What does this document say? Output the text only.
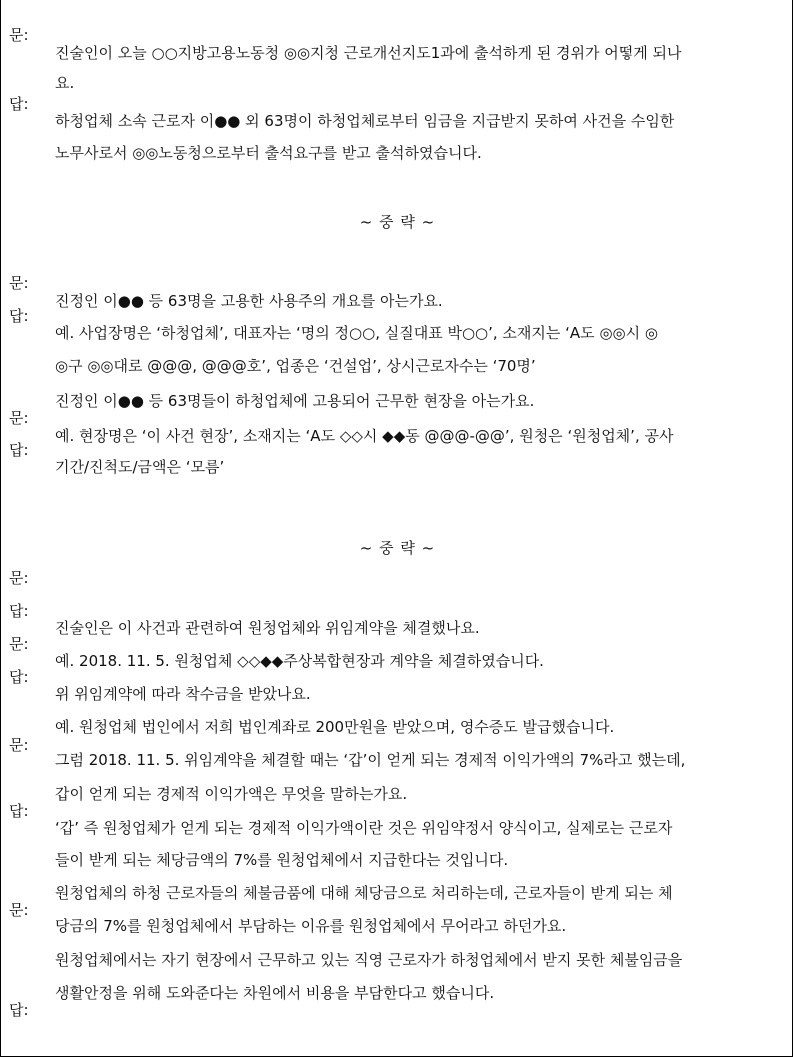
문:
진술인이 오늘 ○○지방고용노동청 ◎◎지청 근로개선지도1과에 출석하게 된 경위가 어떻게 되나
요.
답:
하청업체 소속 근로자 이●● 외 63명이 하청업체로부터 임금을 지급받지 못하여 사건을 수임한
노무사로서 ◎◎노동청으로부터 출석요구를 받고 출석하였습니다.
~ 중 략 ~
문:
진정인 이●● 등 63명을 고용한 사용주의 개요를 아는가요.
답:
예. 사업장명은 ‘하청업체’, 대표자는 ‘명의 정○○, 실질대표 박○○’, 소재지는 ‘A도 ◎◎시 ◎
◎구 ◎◎대로 @@@, @@@호’, 업종은 ‘건설업’, 상시근로자수는 ‘70명’
진정인 이●● 등 63명들이 하청업체에 고용되어 근무한 현장을 아는가요.
문:
예. 현장명은 ‘이 사건 현장’, 소재지는 ‘A도 ◇◇시 ◆◆동 @@@-@@’, 원청은 ‘원청업체’, 공사
답:
기간/진척도/금액은 ‘모름’
~ 중 략 ~
문:
답:
진술인은 이 사건과 관련하여 원청업체와 위임계약을 체결했나요.
문:
예. 2018. 11. 5. 원청업체 ◇◇◆◆주상복합현장과 계약을 체결하였습니다.
답:
위 위임계약에 따라 착수금을 받았나요.
예. 원청업체 법인에서 저희 법인계좌로 200만원을 받았으며, 영수증도 발급했습니다.
문:
그럼 2018. 11. 5. 위임계약을 체결할 때는 ‘갑’이 얻게 되는 경제적 이익가액의 7%라고 했는데,
갑이 얻게 되는 경제적 이익가액은 무엇을 말하는가요.
답:
‘갑’ 즉 원청업체가 얻게 되는 경제적 이익가액이란 것은 위임약정서 양식이고, 실제로는 근로자
들이 받게 되는 체당금액의 7%를 원청업체에서 지급한다는 것입니다.
원청업체의 하청 근로자들의 체불금품에 대해 체당금으로 처리하는데, 근로자들이 받게 되는 체
문:
당금의 7%를 원청업체에서 부담하는 이유를 원청업체에서 무어라고 하던가요.
원청업체에서는 자기 현장에서 근무하고 있는 직영 근로자가 하청업체에서 받지 못한 체불임금을
생활안정을 위해 도와준다는 차원에서 비용을 부담한다고 했습니다.
답:
